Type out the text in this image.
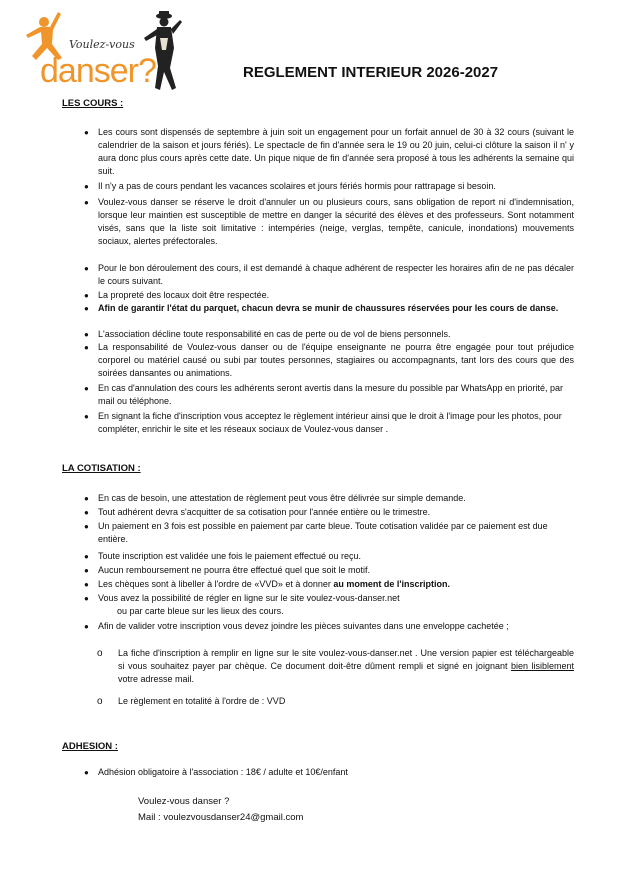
Voulez-vous
danser?	REGLEMENT INTERIEUR 2026-2027
LES COURS :
●	Les cours sont dispensés de septembre à juin soit un engagement pour un forfait annuel de 30 à 32 cours (suivant le calendrier de la saison et jours fériés). Le spectacle de fin d'année sera le 19 ou 20 juin, celui-ci clôture la saison il n' y aura donc plus cours après cette date. Un pique nique de fin d'année sera proposé à tous les adhérents la semaine qui suit.
●	Il n'y a pas de cours pendant les vacances scolaires et jours fériés hormis pour rattrapage si besoin.
●	Voulez-vous danser se réserve le droit d'annuler un ou plusieurs cours, sans obligation de report ni d'indemnisation, lorsque leur maintien est susceptible de mettre en danger la sécurité des élèves et des professeurs. Sont notamment visés, sans que la liste soit limitative : intempéries (neige, verglas, tempête, canicule, inondations) mouvements sociaux, alertes préfectorales.
●	Pour le bon déroulement des cours, il est demandé à chaque adhérent de respecter les horaires afin de ne pas décaler le cours suivant.
●	La propreté des locaux doit être respectée.
●	Afin de garantir l'état du parquet, chacun devra se munir de chaussures réservées pour les cours de danse.
●	L'association décline toute responsabilité en cas de perte ou de vol de biens personnels.
●	La responsabilité de Voulez-vous danser ou de l'équipe enseignante ne pourra être engagée pour tout préjudice corporel ou matériel causé ou subi par toutes personnes, stagiaires ou accompagnants, tant lors des cours que des soirées dansantes ou animations.
●	En cas d'annulation des cours les adhérents seront avertis dans la mesure du possible par WhatsApp en priorité, par mail ou téléphone.
●	En signant la fiche d'inscription vous acceptez le règlement intérieur ainsi que le droit à l'image pour les photos, pour compléter, enrichir le site et les réseaux sociaux de Voulez-vous danser .
LA COTISATION :
●	En cas de besoin, une attestation de règlement peut vous être délivrée sur simple demande.
●	Tout adhérent devra s'acquitter de sa cotisation pour l'année entière ou le trimestre.
●	Un paiement en 3 fois est possible en paiement par carte bleue. Toute cotisation validée par ce paiement est due entière.
●	Toute inscription est validée une fois le paiement effectué ou reçu.
●	Aucun remboursement ne pourra être effectué quel que soit le motif.
●	Les chèques sont à libeller à l'ordre de «VVD» et à donner au moment de l'inscription.
●	Vous avez la possibilité de régler en ligne sur le site voulez-vous-danser.net
ou par carte bleue sur les lieux des cours.
●	Afin de valider votre inscription vous devez joindre les pièces suivantes dans une enveloppe cachetée ;
o La fiche d'inscription à remplir en ligne sur le site voulez-vous-danser.net . Une version papier est téléchargeable si vous souhaitez payer par chèque. Ce document doit-être dûment rempli et signé en joignant bien lisiblement votre adresse mail.
o Le règlement en totalité à l'ordre de : VVD
ADHESION :
●	Adhésion obligatoire à l'association : 18€ / adulte et 10€/enfant
Voulez-vous danser ?
Mail : voulezvousdanser24@gmail.com
